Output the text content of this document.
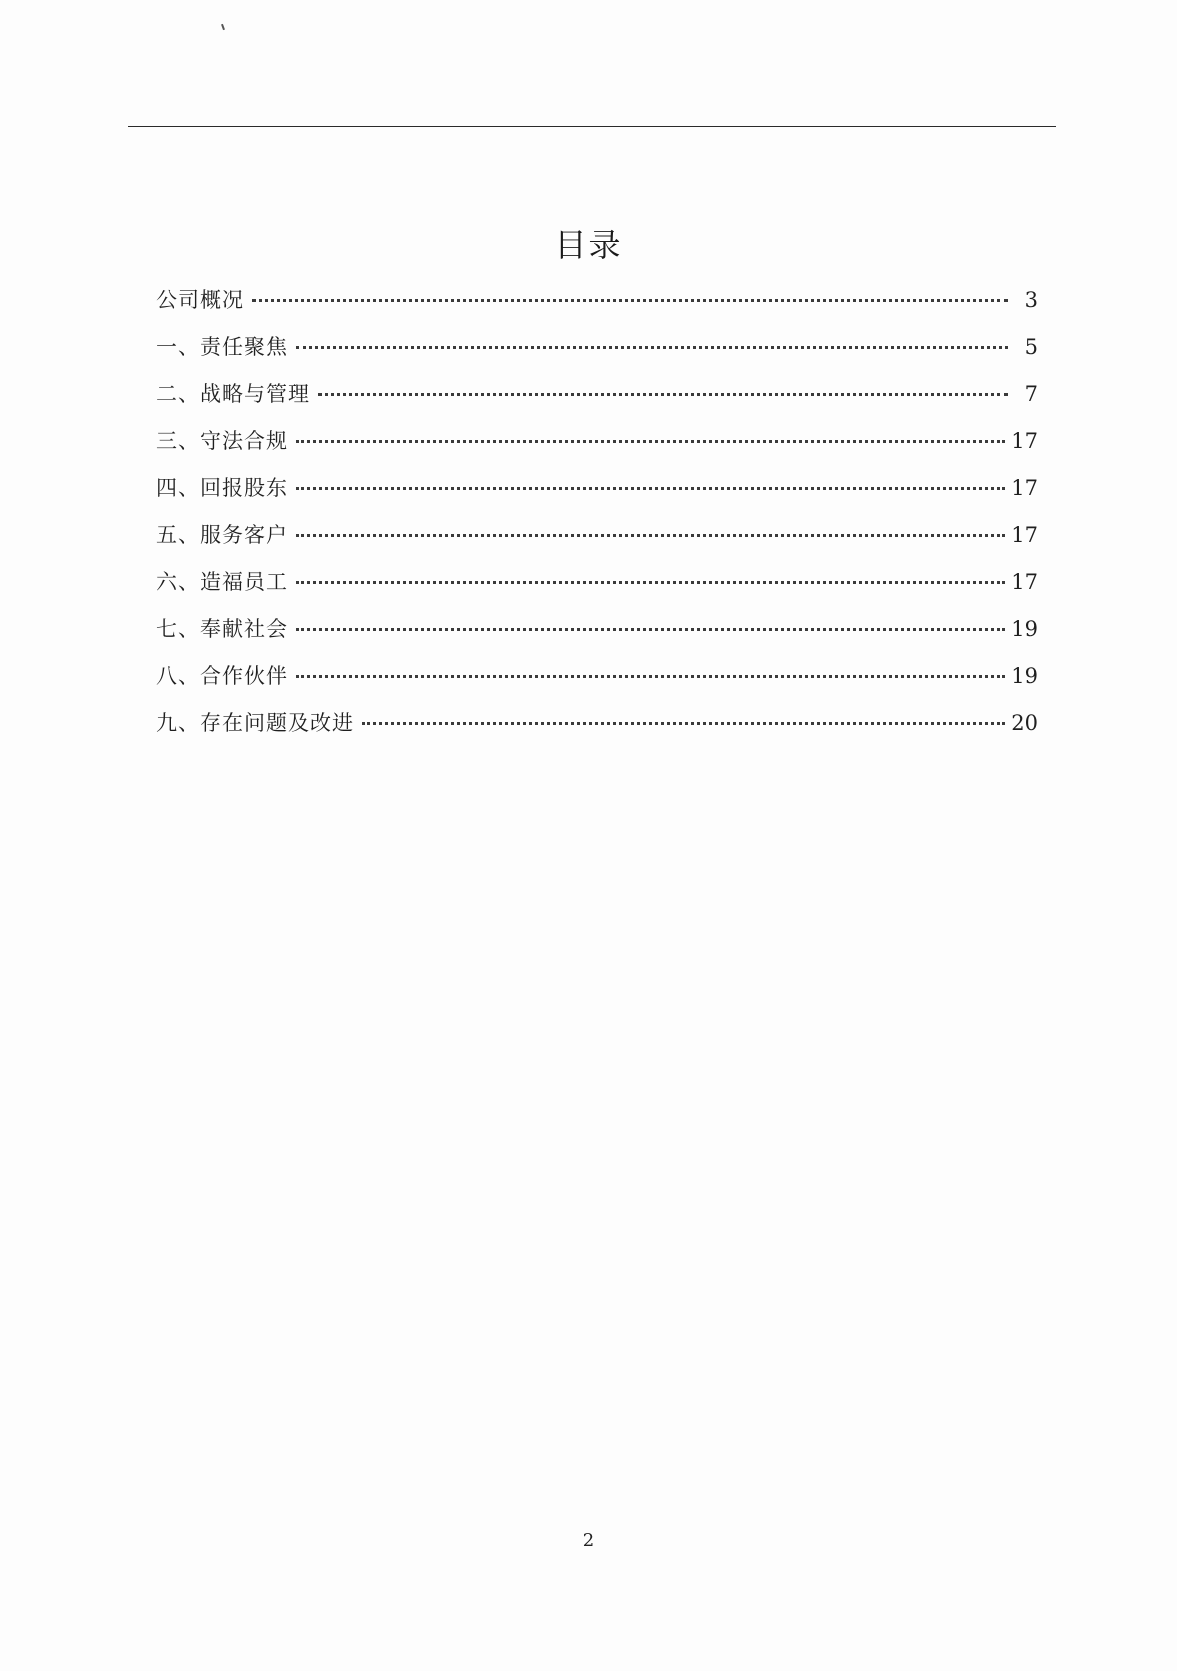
目录
公司概况	3
一、责任聚焦	5
二、战略与管理	7
三、守法合规	17
四、回报股东	17
五、服务客户	17
六、造福员工	17
七、奉献社会	19
八、合作伙伴	19
九、存在问题及改进	20
2
